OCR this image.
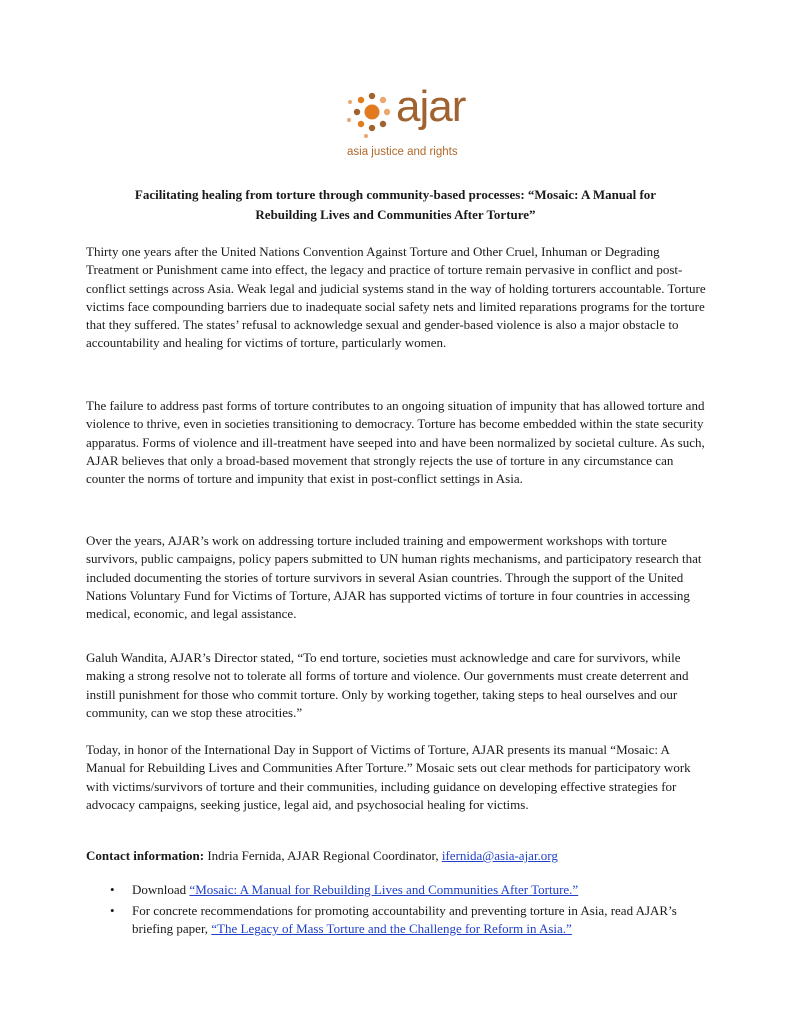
ajar
asia justice and rights
Facilitating healing from torture through community-based processes: “Mosaic: A Manual for
Rebuilding Lives and Communities After Torture”

Thirty one years after the United Nations Convention Against Torture and Other Cruel, Inhuman or Degrading Treatment or Punishment came into effect, the legacy and practice of torture remain pervasive in conflict and post-conflict settings across Asia. Weak legal and judicial systems stand in the way of holding torturers accountable. Torture victims face compounding barriers due to inadequate social safety nets and limited reparations programs for the torture that they suffered. The states’ refusal to acknowledge sexual and gender-based violence is also a major obstacle to accountability and healing for victims of torture, particularly women.

The failure to address past forms of torture contributes to an ongoing situation of impunity that has allowed torture and violence to thrive, even in societies transitioning to democracy. Torture has become embedded within the state security apparatus. Forms of violence and ill-treatment have seeped into and have been normalized by societal culture. As such, AJAR believes that only a broad-based movement that strongly rejects the use of torture in any circumstance can counter the norms of torture and impunity that exist in post-conflict settings in Asia.

Over the years, AJAR’s work on addressing torture included training and empowerment workshops with torture survivors, public campaigns, policy papers submitted to UN human rights mechanisms, and participatory research that included documenting the stories of torture survivors in several Asian countries. Through the support of the United Nations Voluntary Fund for Victims of Torture, AJAR has supported victims of torture in four countries in accessing medical, economic, and legal assistance.

Galuh Wandita, AJAR’s Director stated, “To end torture, societies must acknowledge and care for survivors, while making a strong resolve not to tolerate all forms of torture and violence. Our governments must create deterrent and instill punishment for those who commit torture. Only by working together, taking steps to heal ourselves and our community, can we stop these atrocities.”

Today, in honor of the International Day in Support of Victims of Torture, AJAR presents its manual “Mosaic: A Manual for Rebuilding Lives and Communities After Torture.” Mosaic sets out clear methods for participatory work with victims/survivors of torture and their communities, including guidance on developing effective strategies for advocacy campaigns, seeking justice, legal aid, and psychosocial healing for victims.

Contact information: Indria Fernida, AJAR Regional Coordinator, ifernida@asia-ajar.org
• Download “Mosaic: A Manual for Rebuilding Lives and Communities After Torture.”
• For concrete recommendations for promoting accountability and preventing torture in Asia, read AJAR’s briefing paper, “The Legacy of Mass Torture and the Challenge for Reform in Asia.”
